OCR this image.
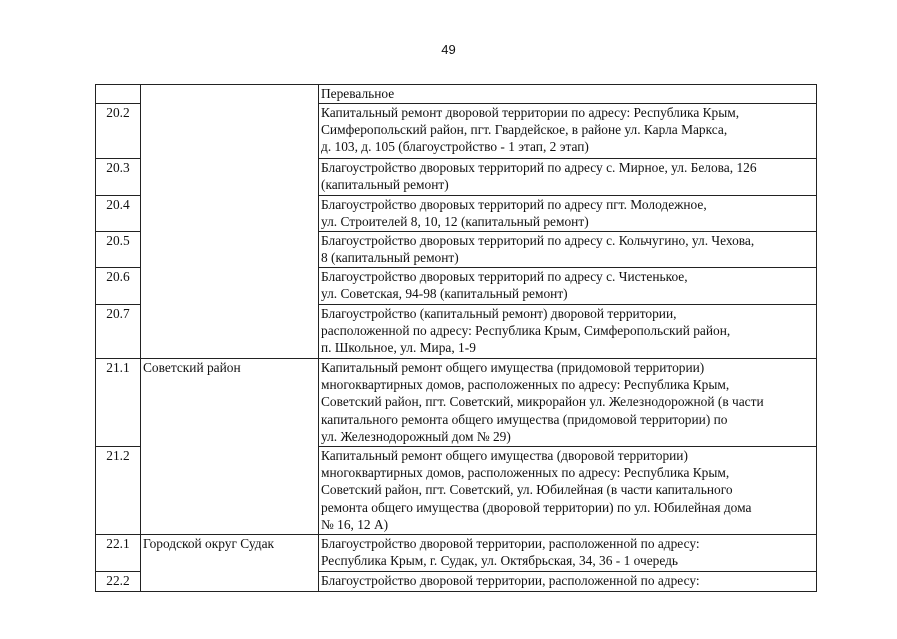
49
		Перевальное
20.2		Капитальный ремонт дворовой территории по адресу: Республика Крым,
Симферопольский район, пгт. Гвардейское, в районе ул. Карла Маркса,
д. 103, д. 105 (благоустройство - 1 этап, 2 этап)
20.3		Благоустройство дворовых территорий по адресу с. Мирное, ул. Белова, 126
(капитальный ремонт)
20.4		Благоустройство дворовых территорий по адресу пгт. Молодежное,
ул. Строителей 8, 10, 12 (капитальный ремонт)
20.5		Благоустройство дворовых территорий по адресу с. Кольчугино, ул. Чехова,
8 (капитальный ремонт)
20.6		Благоустройство дворовых территорий по адресу с. Чистенькое,
ул. Советская, 94-98 (капитальный ремонт)
20.7		Благоустройство (капитальный ремонт) дворовой территории,
расположенной по адресу: Республика Крым, Симферопольский район,
п. Школьное, ул. Мира, 1-9
21.1	Советский район	Капитальный ремонт общего имущества (придомовой территории)
многоквартирных домов, расположенных по адресу: Республика Крым,
Советский район, пгт. Советский, микрорайон ул. Железнодорожной (в части
капитального ремонта общего имущества (придомовой территории) по
ул. Железнодорожный дом № 29)
21.2		Капитальный ремонт общего имущества (дворовой территории)
многоквартирных домов, расположенных по адресу: Республика Крым,
Советский район, пгт. Советский, ул. Юбилейная (в части капитального
ремонта общего имущества (дворовой территории) по ул. Юбилейная дома
№ 16, 12 А)
22.1	Городской округ Судак	Благоустройство дворовой территории, расположенной по адресу:
Республика Крым, г. Судак, ул. Октябрьская, 34, 36 - 1 очередь
22.2		Благоустройство дворовой территории, расположенной по адресу:
